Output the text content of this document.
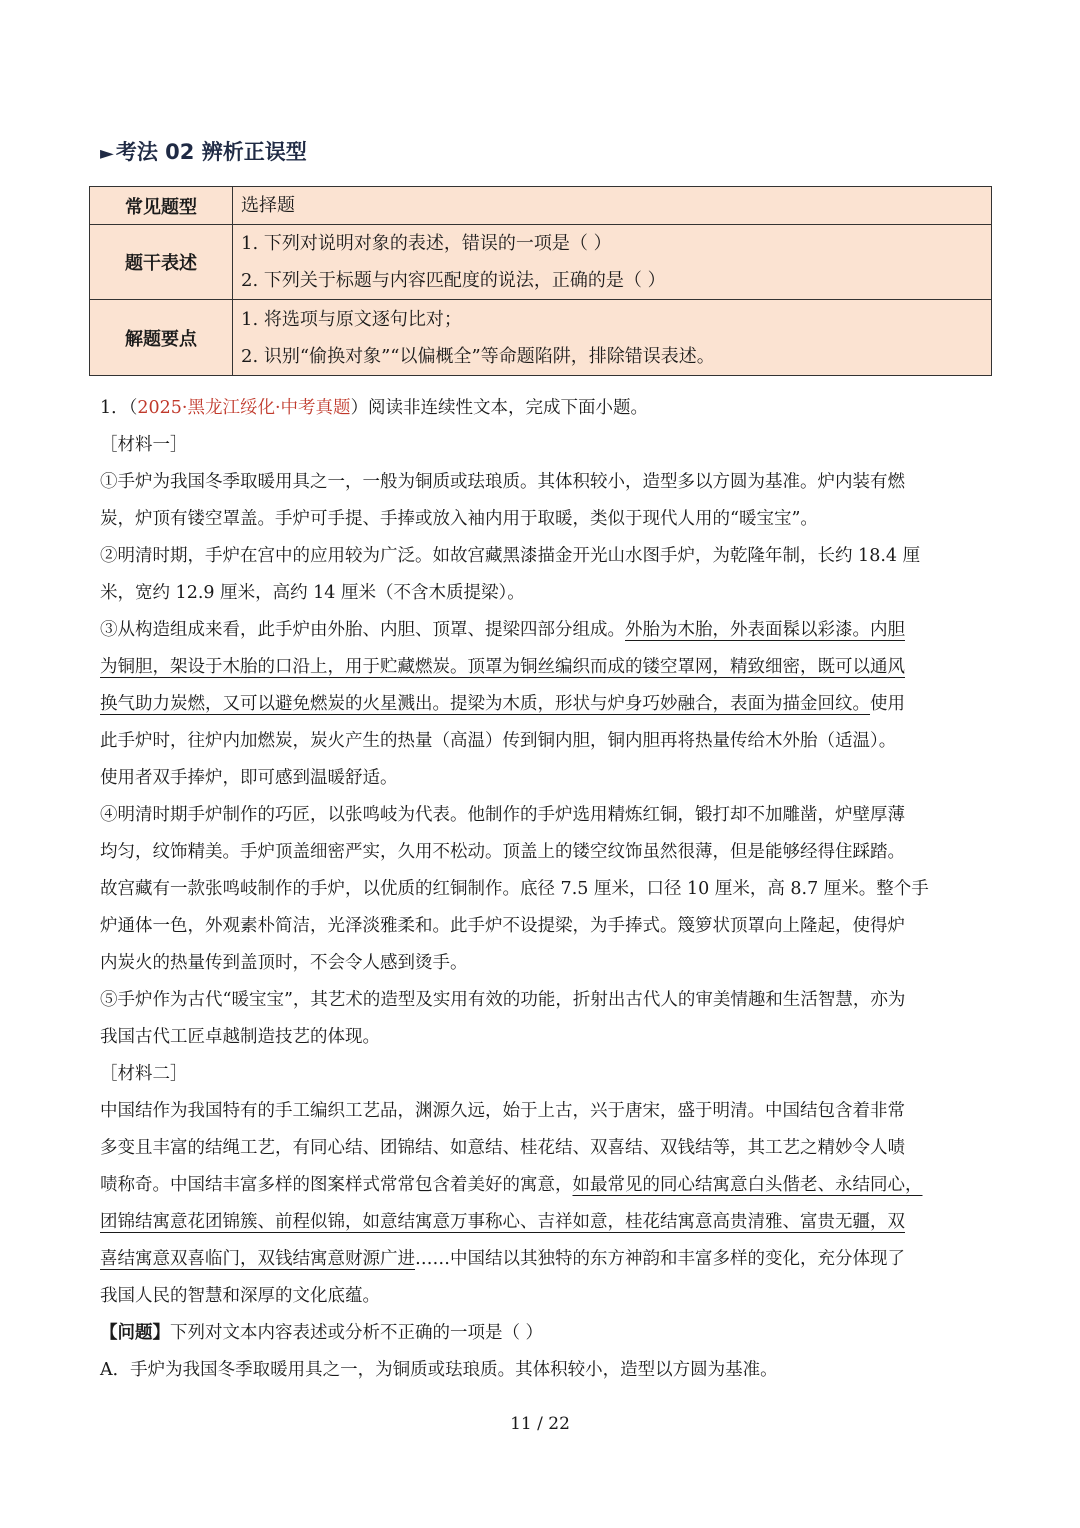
►考法 02 辨析正误型
常见题型	选择题

题干表述	1. 下列对说明对象的表述，错误的一项是（ ）
2. 下列关于标题与内容匹配度的说法，正确的是（ ）

解题要点	1. 将选项与原文逐句比对；
2. 识别“偷换对象”“以偏概全”等命题陷阱，排除错误表述。
1．（2025·黑龙江绥化·中考真题）阅读非连续性文本，完成下面小题。
［材料一］
①手炉为我国冬季取暖用具之一，一般为铜质或珐琅质。其体积较小，造型多以方圆为基准。炉内装有燃
炭，炉顶有镂空罩盖。手炉可手提、手捧或放入袖内用于取暖，类似于现代人用的“暖宝宝”。
②明清时期，手炉在宫中的应用较为广泛。如故宫藏黑漆描金开光山水图手炉，为乾隆年制，长约 18.4 厘
米，宽约 12.9 厘米，高约 14 厘米（不含木质提梁）。
③从构造组成来看，此手炉由外胎、内胆、顶罩、提梁四部分组成。外胎为木胎，外表面髹以彩漆。内胆
为铜胆，架设于木胎的口沿上，用于贮藏燃炭。顶罩为铜丝编织而成的镂空罩网，精致细密，既可以通风
换气助力炭燃，又可以避免燃炭的火星溅出。提梁为木质，形状与炉身巧妙融合，表面为描金回纹。使用
此手炉时，往炉内加燃炭，炭火产生的热量（高温）传到铜内胆，铜内胆再将热量传给木外胎（适温）。
使用者双手捧炉，即可感到温暖舒适。
④明清时期手炉制作的巧匠，以张鸣岐为代表。他制作的手炉选用精炼红铜，锻打却不加雕凿，炉壁厚薄
均匀，纹饰精美。手炉顶盖细密严实，久用不松动。顶盖上的镂空纹饰虽然很薄，但是能够经得住踩踏。
故宫藏有一款张鸣岐制作的手炉，以优质的红铜制作。底径 7.5 厘米，口径 10 厘米，高 8.7 厘米。整个手
炉通体一色，外观素朴简洁，光泽淡雅柔和。此手炉不设提梁，为手捧式。篾箩状顶罩向上隆起，使得炉
内炭火的热量传到盖顶时，不会令人感到烫手。
⑤手炉作为古代“暖宝宝”，其艺术的造型及实用有效的功能，折射出古代人的审美情趣和生活智慧，亦为
我国古代工匠卓越制造技艺的体现。
［材料二］
中国结作为我国特有的手工编织工艺品，渊源久远，始于上古，兴于唐宋，盛于明清。中国结包含着非常
多变且丰富的结绳工艺，有同心结、团锦结、如意结、桂花结、双喜结、双钱结等，其工艺之精妙令人啧
啧称奇。中国结丰富多样的图案样式常常包含着美好的寓意，如最常见的同心结寓意白头偕老、永结同心，
团锦结寓意花团锦簇、前程似锦，如意结寓意万事称心、吉祥如意，桂花结寓意高贵清雅、富贵无疆，双
喜结寓意双喜临门，双钱结寓意财源广进……中国结以其独特的东方神韵和丰富多样的变化，充分体现了
我国人民的智慧和深厚的文化底蕴。
【问题】下列对文本内容表述或分析不正确的一项是（ ）
A．手炉为我国冬季取暖用具之一，为铜质或珐琅质。其体积较小，造型以方圆为基准。
11 / 22
